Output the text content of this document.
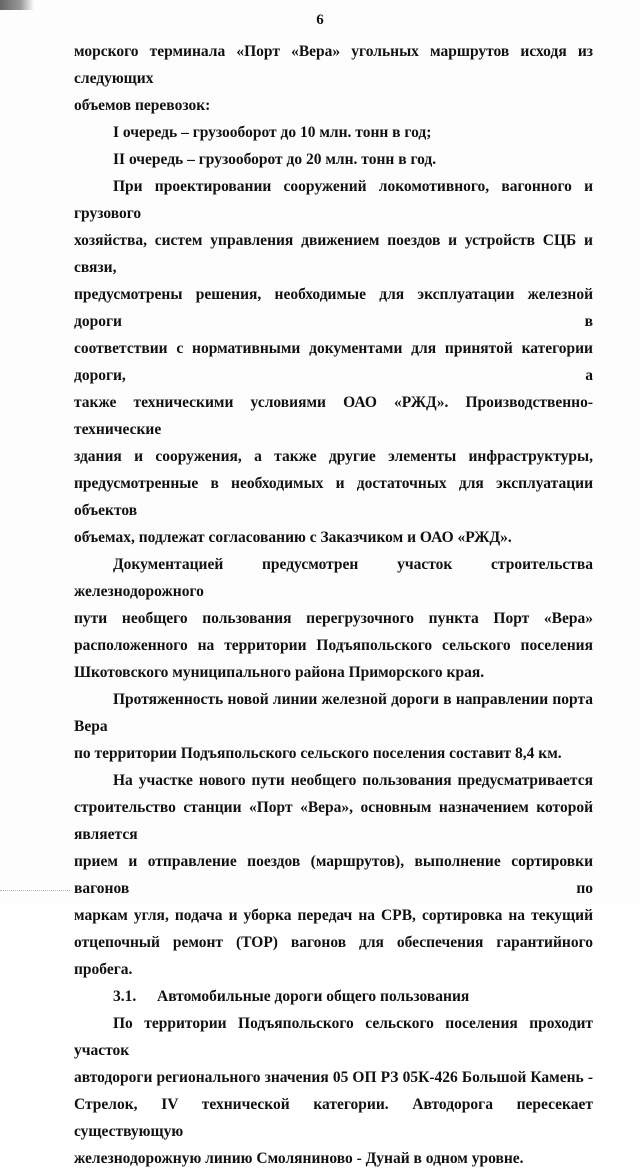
6

морского терминала «Порт «Вера» угольных маршрутов исходя из следующих

объемов перевозок:

I очередь – грузооборот до 10 млн. тонн в год;

II очередь – грузооборот до 20 млн. тонн в год.

При проектировании сооружений локомотивного, вагонного и грузового

хозяйства, систем управления движением поездов и устройств СЦБ и связи,

предусмотрены решения, необходимые для эксплуатации железной дороги в

соответствии с нормативными документами для принятой категории дороги, а

также техническими условиями ОАО «РЖД». Производственно-технические

здания и сооружения, а также другие элементы инфраструктуры,

предусмотренные в необходимых и достаточных для эксплуатации объектов

объемах, подлежат согласованию с Заказчиком и ОАО «РЖД».

Документацией предусмотрен участок строительства железнодорожного

пути необщего пользования перегрузочного пункта Порт «Вера»

расположенного на территории Подъяпольского сельского поселения

Шкотовского муниципального района Приморского края.

Протяженность новой линии железной дороги в направлении порта Вера

по территории Подъяпольского сельского поселения составит 8,4 км.

На участке нового пути необщего пользования предусматривается

строительство станции «Порт «Вера», основным назначением которой является

прием и отправление поездов (маршрутов), выполнение сортировки вагонов по

маркам угля, подача и уборка передач на СРВ, сортировка на текущий

отцепочный ремонт (ТОР) вагонов для обеспечения гарантийного пробега.

3.1. Автомобильные дороги общего пользования

По территории Подъяпольского сельского поселения проходит участок

автодороги регионального значения 05 ОП РЗ 05К-426 Большой Камень -

Стрелок, IV технической категории. Автодорога пересекает существующую

железнодорожную линию Смоляниново - Дунай в одном уровне.
